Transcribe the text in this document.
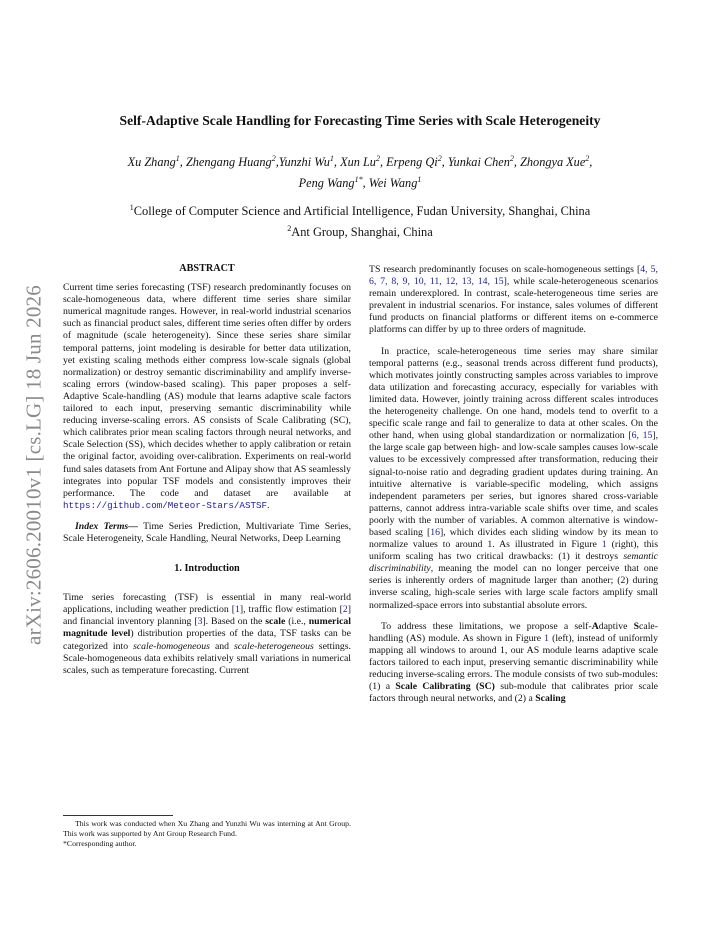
arXiv:2606.20010v1 [cs.LG] 18 Jun 2026
Self-Adaptive Scale Handling for Forecasting Time Series with Scale Heterogeneity
Xu Zhang$^1$, Zhengang Huang$^2$,Yunzhi Wu$^1$, Xun Lu$^2$, Erpeng Qi$^2$, Yunkai Chen$^2$, Zhongya Xue$^2$,
Peng Wang$^{1*}$, Wei Wang$^1$
$^1$College of Computer Science and Artificial Intelligence, Fudan University, Shanghai, China
$^2$Ant Group, Shanghai, China
ABSTRACT

Current time series forecasting (TSF) research predominantly focuses on scale-homogeneous data, where different time series share similar numerical magnitude ranges. However, in real-world industrial scenarios such as financial product sales, different time series often differ by orders of magnitude (scale heterogeneity). Since these series share similar temporal patterns, joint modeling is desirable for better data utilization, yet existing scaling methods either compress low-scale signals (global normalization) or destroy semantic discriminability and amplify inverse-scaling errors (window-based scaling). This paper proposes a self-Adaptive Scale-handling (AS) module that learns adaptive scale factors tailored to each input, preserving semantic discriminability while reducing inverse-scaling errors. AS consists of Scale Calibrating (SC), which calibrates prior mean scaling factors through neural networks, and Scale Selection (SS), which decides whether to apply calibration or retain the original factor, avoiding over-calibration. Experiments on real-world fund sales datasets from Ant Fortune and Alipay show that AS seamlessly integrates into popular TSF models and consistently improves their performance. The code and dataset are available at https://github.com/Meteor-Stars/ASTSF.

Index Terms— Time Series Prediction, Multivariate Time Series, Scale Heterogeneity, Scale Handling, Neural Networks, Deep Learning

1. Introduction

Time series forecasting (TSF) is essential in many real-world applications, including weather prediction [1], traffic flow estimation [2] and financial inventory planning [3]. Based on the scale (i.e., numerical magnitude level) distribution properties of the data, TSF tasks can be categorized into scale-homogeneous and scale-heterogeneous settings. Scale-homogeneous data exhibits relatively small variations in numerical scales, such as temperature forecasting. Current

This work was conducted when Xu Zhang and Yunzhi Wu was interning at Ant Group. This work was supported by Ant Group Research Fund.

*Corresponding author.

TS research predominantly focuses on scale-homogeneous settings [4, 5, 6, 7, 8, 9, 10, 11, 12, 13, 14, 15], while scale-heterogeneous scenarios remain underexplored. In contrast, scale-heterogeneous time series are prevalent in industrial scenarios. For instance, sales volumes of different fund products on financial platforms or different items on e-commerce platforms can differ by up to three orders of magnitude.

In practice, scale-heterogeneous time series may share similar temporal patterns (e.g., seasonal trends across different fund products), which motivates jointly constructing samples across variables to improve data utilization and forecasting accuracy, especially for variables with limited data. However, jointly training across different scales introduces the heterogeneity challenge. On one hand, models tend to overfit to a specific scale range and fail to generalize to data at other scales. On the other hand, when using global standardization or normalization [6, 15], the large scale gap between high- and low-scale samples causes low-scale values to be excessively compressed after transformation, reducing their signal-to-noise ratio and degrading gradient updates during training. An intuitive alternative is variable-specific modeling, which assigns independent parameters per series, but ignores shared cross-variable patterns, cannot address intra-variable scale shifts over time, and scales poorly with the number of variables. A common alternative is window-based scaling [16], which divides each sliding window by its mean to normalize values to around 1. As illustrated in Figure 1 (right), this uniform scaling has two critical drawbacks: (1) it destroys semantic discriminability, meaning the model can no longer perceive that one series is inherently orders of magnitude larger than another; (2) during inverse scaling, high-scale series with large scale factors amplify small normalized-space errors into substantial absolute errors.

To address these limitations, we propose a self-Adaptive Scale-handling (AS) module. As shown in Figure 1 (left), instead of uniformly mapping all windows to around 1, our AS module learns adaptive scale factors tailored to each input, preserving semantic discriminability while reducing inverse-scaling errors. The module consists of two sub-modules: (1) a Scale Calibrating (SC) sub-module that calibrates prior scale factors through neural networks, and (2) a Scaling
